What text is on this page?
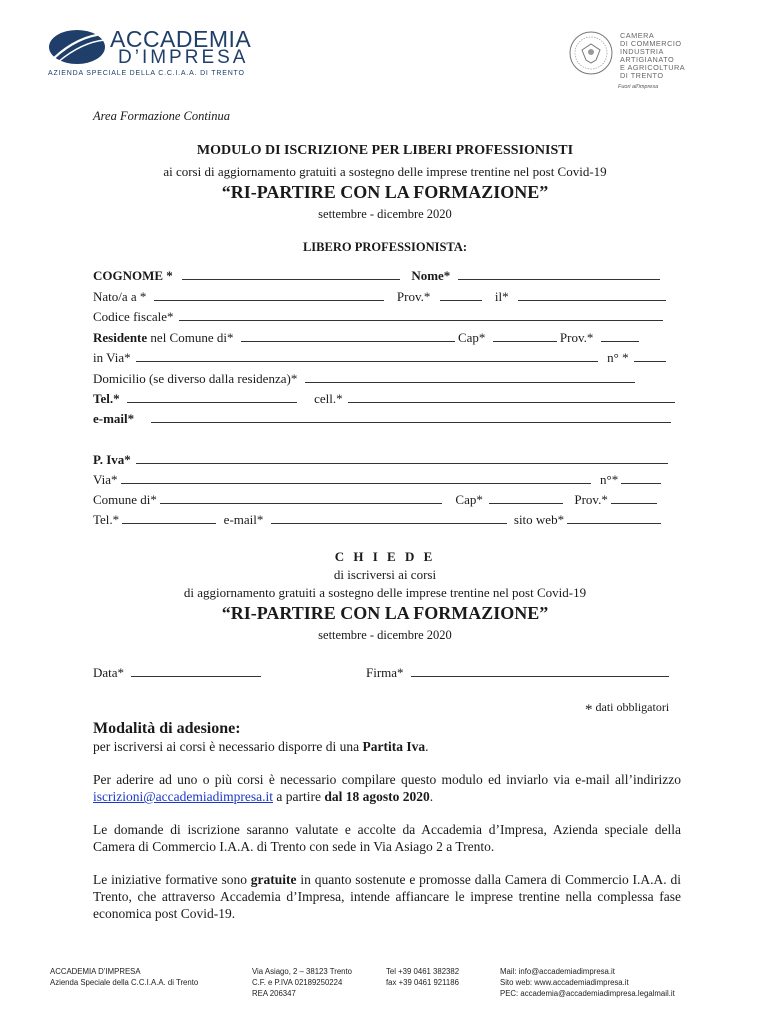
ACCADEMIA
D’IMPRESA
AZIENDA SPECIALE DELLA C.C.I.A.A. DI TRENTO
CAMERA
DI COMMERCIO
INDUSTRIA
ARTIGIANATO
E AGRICOLTURA
DI TRENTO
Fuori all'impresa
Area Formazione Continua
MODULO DI ISCRIZIONE PER LIBERI PROFESSIONISTI
ai corsi di aggiornamento gratuiti a sostegno delle imprese trentine nel post Covid-19
“RI-PARTIRE CON LA FORMAZIONE”
settembre - dicembre 2020
LIBERO PROFESSIONISTA:
COGNOME *	Nome*
Nato/a a *	Prov.*	il*
Codice fiscale*
Residente nel Comune di*	Cap*	Prov.*
in Via*	n° *
Domicilio (se diverso dalla residenza)*
Tel.*	cell.*
e-mail*
P. Iva*
Via*	n°*
Comune di*	Cap*	Prov.*
Tel.*	e-mail*	sito web*
C H I E D E
di iscriversi ai corsi
di aggiornamento gratuiti a sostegno delle imprese trentine nel post Covid-19
“RI-PARTIRE CON LA FORMAZIONE”
settembre - dicembre 2020
Data*	Firma*
* dati obbligatori
Modalità di adesione:
per iscriversi ai corsi è necessario disporre di una Partita Iva.
Per aderire ad uno o più corsi è necessario compilare questo modulo ed inviarlo via e-mail all’indirizzo iscrizioni@accademiadimpresa.it a partire dal 18 agosto 2020.
Le domande di iscrizione saranno valutate e accolte da Accademia d’Impresa, Azienda speciale della Camera di Commercio I.A.A. di Trento con sede in Via Asiago 2 a Trento.
Le iniziative formative sono gratuite in quanto sostenute e promosse dalla Camera di Commercio I.A.A. di Trento, che attraverso Accademia d’Impresa, intende affiancare le imprese trentine nella complessa fase economica post Covid-19.
ACCADEMIA D’IMPRESA
Azienda Speciale della C.C.I.A.A. di Trento
Via Asiago, 2 – 38123 Trento
C.F. e P.IVA 02189250224
REA 206347
Tel +39 0461 382382
fax +39 0461 921186
Mail: info@accademiadimpresa.it
Sito web: www.accademiadimpresa.it
PEC: accademia@accademiadimpresa.legalmail.it
